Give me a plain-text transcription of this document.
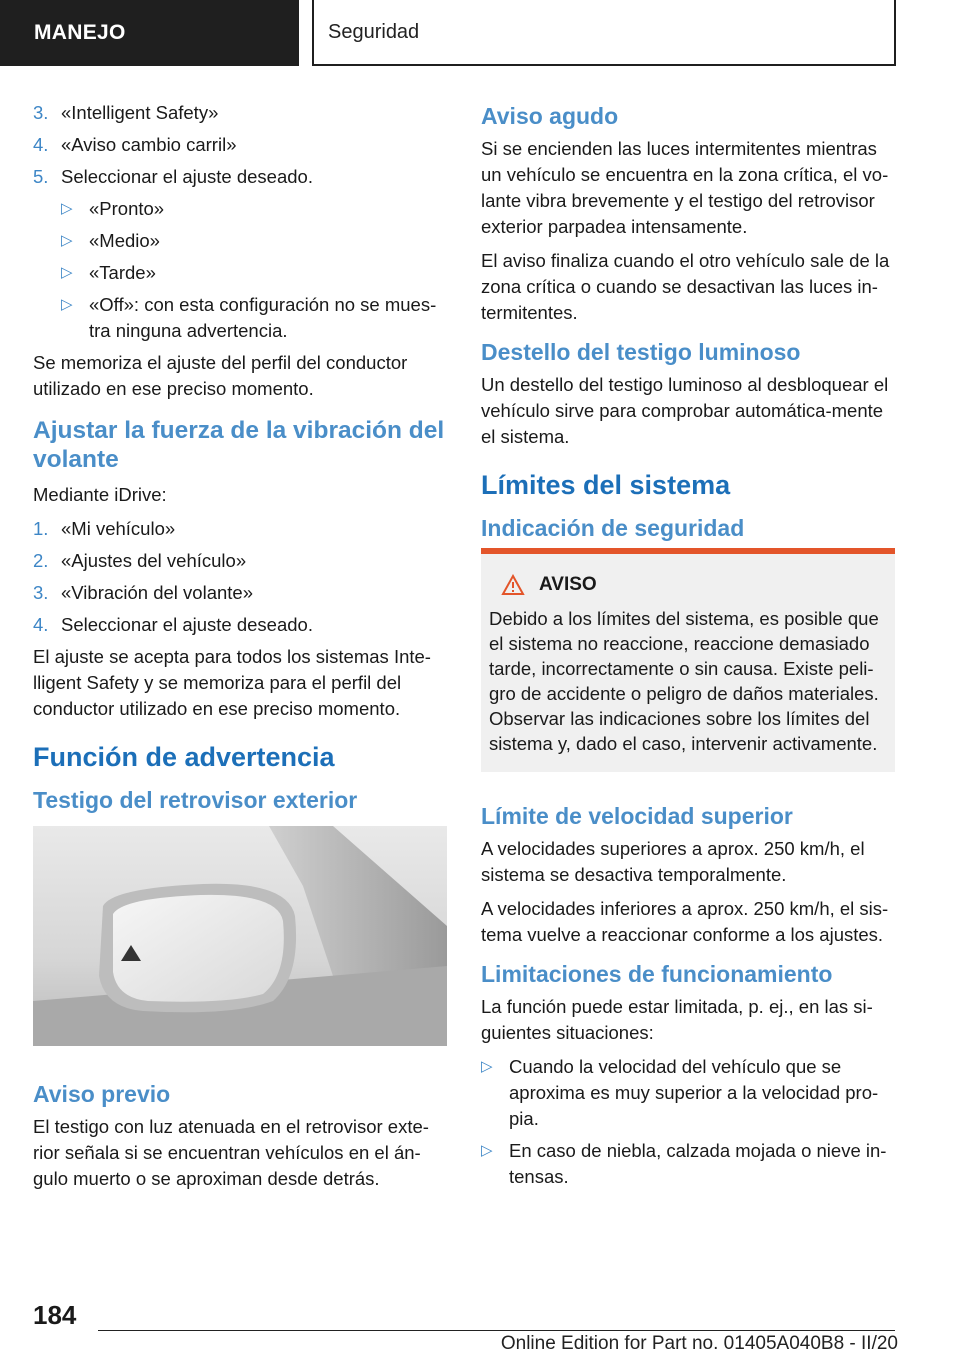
MANEJO	Seguridad
3. «Intelligent Safety»
4. «Aviso cambio carril»
5. Seleccionar el ajuste deseado.
▷ «Pronto»
▷ «Medio»
▷ «Tarde»
▷ «Off»: con esta configuración no se mues‐tra ninguna advertencia.

Se memoriza el ajuste del perfil del conductor utilizado en ese preciso momento.

Ajustar la fuerza de la vibración del volante

Mediante iDrive:

1. «Mi vehículo»
2. «Ajustes del vehículo»
3. «Vibración del volante»
4. Seleccionar el ajuste deseado.

El ajuste se acepta para todos los sistemas Inte‐lligent Safety y se memoriza para el perfil del conductor utilizado en ese preciso momento.

Función de advertencia
Testigo del retrovisor exterior
Aviso previo

El testigo con luz atenuada en el retrovisor exte‐rior señala si se encuentran vehículos en el án‐gulo muerto o se aproximan desde detrás.

Aviso agudo

Si se encienden las luces intermitentes mientras un vehículo se encuentra en la zona crítica, el vo‐lante vibra brevemente y el testigo del retrovisor exterior parpadea intensamente.

El aviso finaliza cuando el otro vehículo sale de la zona crítica o cuando se desactivan las luces in‐termitentes.

Destello del testigo luminoso

Un destello del testigo luminoso al desbloquear el vehículo sirve para comprobar automática‐mente el sistema.

Límites del sistema
Indicación de seguridad
AVISO

Debido a los límites del sistema, es posible que el sistema no reaccione, reaccione demasiado tarde, incorrectamente o sin causa. Existe peli‐gro de accidente o peligro de daños materiales. Observar las indicaciones sobre los límites del sistema y, dado el caso, intervenir activamente.

Límite de velocidad superior

A velocidades superiores a aprox. 250 km/h, el sistema se desactiva temporalmente.

A velocidades inferiores a aprox. 250 km/h, el sis‐tema vuelve a reaccionar conforme a los ajustes.

Limitaciones de funcionamiento

La función puede estar limitada, p. ej., en las si‐guientes situaciones:

▷ Cuando la velocidad del vehículo que se aproxima es muy superior a la velocidad pro‐pia.
▷ En caso de niebla, calzada mojada o nieve in‐tensas.
184
Online Edition for Part no. 01405A040B8 - II/20
